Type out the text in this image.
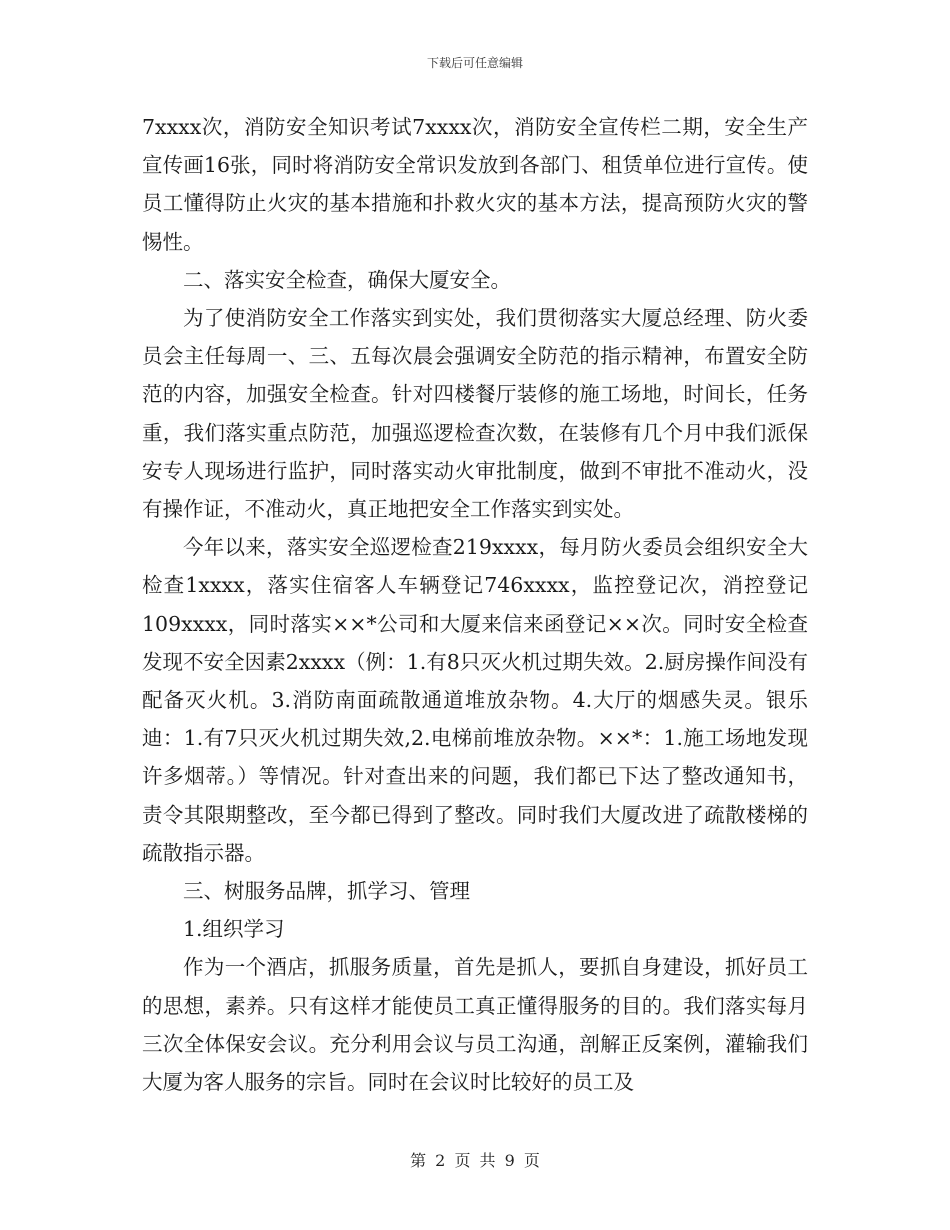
下载后可任意编辑

7xxxx次，消防安全知识考试7xxxx次，消防安全宣传栏二期，安全生产宣传画16张，同时将消防安全常识发放到各部门、租赁单位进行宣传。使员工懂得防止火灾的基本措施和扑救火灾的基本方法，提高预防火灾的警惕性。

二、落实安全检查，确保大厦安全。

为了使消防安全工作落实到实处，我们贯彻落实大厦总经理、防火委员会主任每周一、三、五每次晨会强调安全防范的指示精神，布置安全防范的内容，加强安全检查。针对四楼餐厅装修的施工场地，时间长，任务重，我们落实重点防范，加强巡逻检查次数，在装修有几个月中我们派保安专人现场进行监护，同时落实动火审批制度，做到不审批不准动火，没有操作证，不准动火，真正地把安全工作落实到实处。

今年以来，落实安全巡逻检查219xxxx，每月防火委员会组织安全大检查1xxxx，落实住宿客人车辆登记746xxxx，监控登记次，消控登记109xxxx，同时落实××*公司和大厦来信来函登记××次。同时安全检查发现不安全因素2xxxx（例：1.有8只灭火机过期失效。2.厨房操作间没有配备灭火机。3.消防南面疏散通道堆放杂物。4.大厅的烟感失灵。银乐迪：1.有7只灭火机过期失效,2.电梯前堆放杂物。××*：1.施工场地发现许多烟蒂。）等情况。针对查出来的问题，我们都已下达了整改通知书，责令其限期整改，至今都已得到了整改。同时我们大厦改进了疏散楼梯的疏散指示器。

三、树服务品牌，抓学习、管理

1.组织学习

作为一个酒店，抓服务质量，首先是抓人，要抓自身建设，抓好员工的思想，素养。只有这样才能使员工真正懂得服务的目的。我们落实每月三次全体保安会议。充分利用会议与员工沟通，剖解正反案例，灌输我们大厦为客人服务的宗旨。同时在会议时比较好的员工及

第 2 页 共 9 页
